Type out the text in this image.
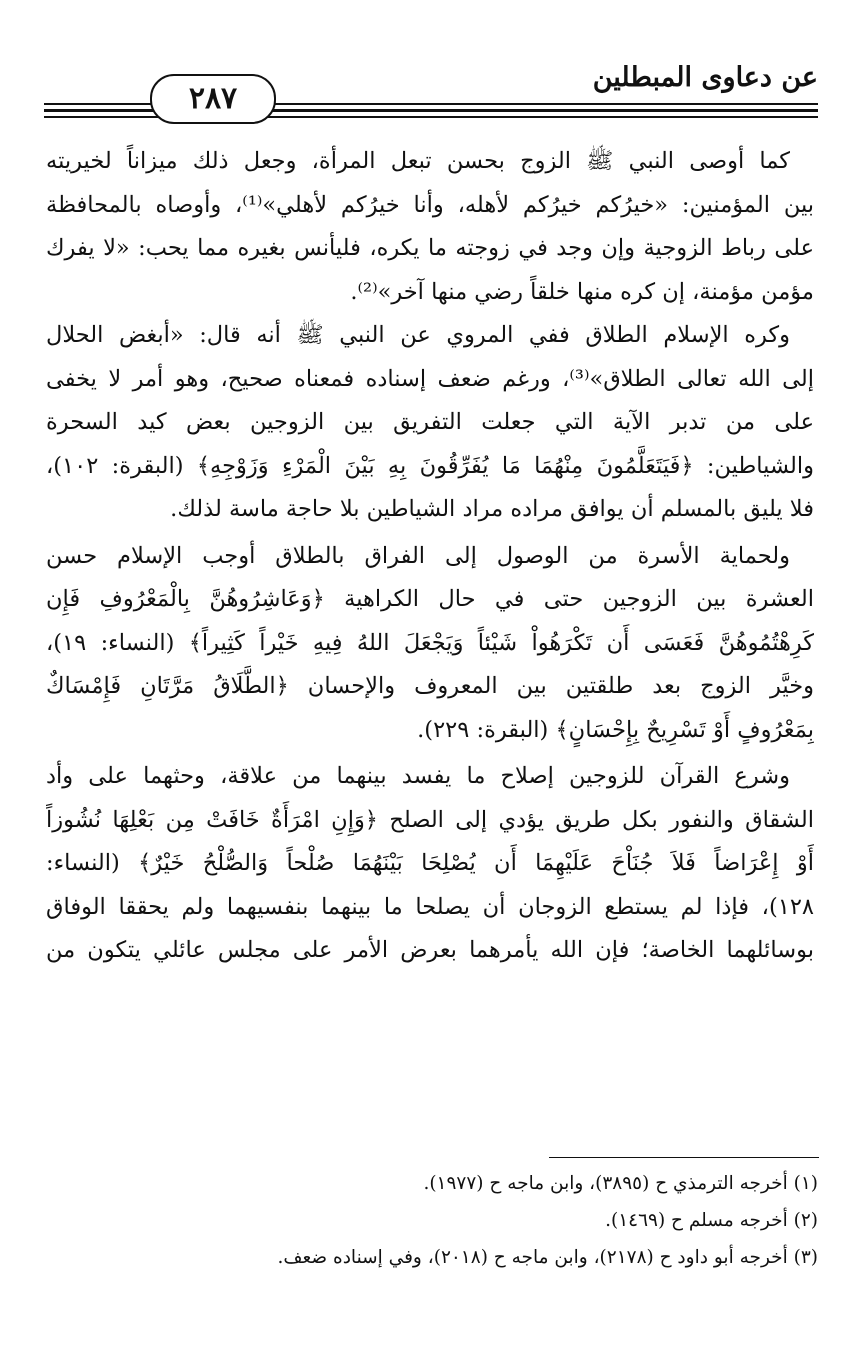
عن دعاوى المبطلين
٢٨٧
كما أوصى النبي ﷺ الزوج بحسن تبعل المرأة، وجعل ذلك ميزاناً لخيريته
بين المؤمنين: «خيرُكم خيرُكم لأهله، وأنا خيرُكم لأهلي»⁽¹⁾، وأوصاه بالمحافظة
على رباط الزوجية وإن وجد في زوجته ما يكره، فليأنس بغيره مما يحب: «لا يفرك
مؤمن مؤمنة، إن كره منها خلقاً رضي منها آخر»⁽²⁾.
وكره الإسلام الطلاق ففي المروي عن النبي ﷺ أنه قال: «أبغض الحلال
إلى الله تعالى الطلاق»⁽³⁾، ورغم ضعف إسناده فمعناه صحيح، وهو أمر لا يخفى
على من تدبر الآية التي جعلت التفريق بين الزوجين بعض كيد السحرة
والشياطين: ﴿فَيَتَعَلَّمُونَ مِنْهُمَا مَا يُفَرِّقُونَ بِهِ بَيْنَ الْمَرْءِ وَزَوْجِهِ﴾ (البقرة: ١٠٢)،
فلا يليق بالمسلم أن يوافق مراده مراد الشياطين بلا حاجة ماسة لذلك.
ولحماية الأسرة من الوصول إلى الفراق بالطلاق أوجب الإسلام حسن
العشرة بين الزوجين حتى في حال الكراهية ﴿وَعَاشِرُوهُنَّ بِالْمَعْرُوفِ فَإِن
كَرِهْتُمُوهُنَّ فَعَسَى أَن تَكْرَهُواْ شَيْئاً وَيَجْعَلَ اللهُ فِيهِ خَيْراً كَثِيراً﴾ (النساء: ١٩)،
وخيَّر الزوج بعد طلقتين بين المعروف والإحسان ﴿الطَّلَاقُ مَرَّتَانِ فَإِمْسَاكٌ
بِمَعْرُوفٍ أَوْ تَسْرِيحٌ بِإِحْسَانٍ﴾ (البقرة: ٢٢٩).
وشرع القرآن للزوجين إصلاح ما يفسد بينهما من علاقة، وحثهما على وأد
الشقاق والنفور بكل طريق يؤدي إلى الصلح ﴿وَإِنِ امْرَأَةٌ خَافَتْ مِن بَعْلِهَا نُشُوزاً
أَوْ إِعْرَاضاً فَلاَ جُنَاْحَ عَلَيْهِمَا أَن يُصْلِحَا بَيْنَهُمَا صُلْحاً وَالصُّلْحُ خَيْرٌ﴾ (النساء:
١٢٨)، فإذا لم يستطع الزوجان أن يصلحا ما بينهما بنفسيهما ولم يحققا الوفاق
بوسائلهما الخاصة؛ فإن الله يأمرهما بعرض الأمر على مجلس عائلي يتكون من
(١) أخرجه الترمذي ح (٣٨٩٥)، وابن ماجه ح (١٩٧٧).
(٢) أخرجه مسلم ح (١٤٦٩).
(٣) أخرجه أبو داود ح (٢١٧٨)، وابن ماجه ح (٢٠١٨)، وفي إسناده ضعف.
